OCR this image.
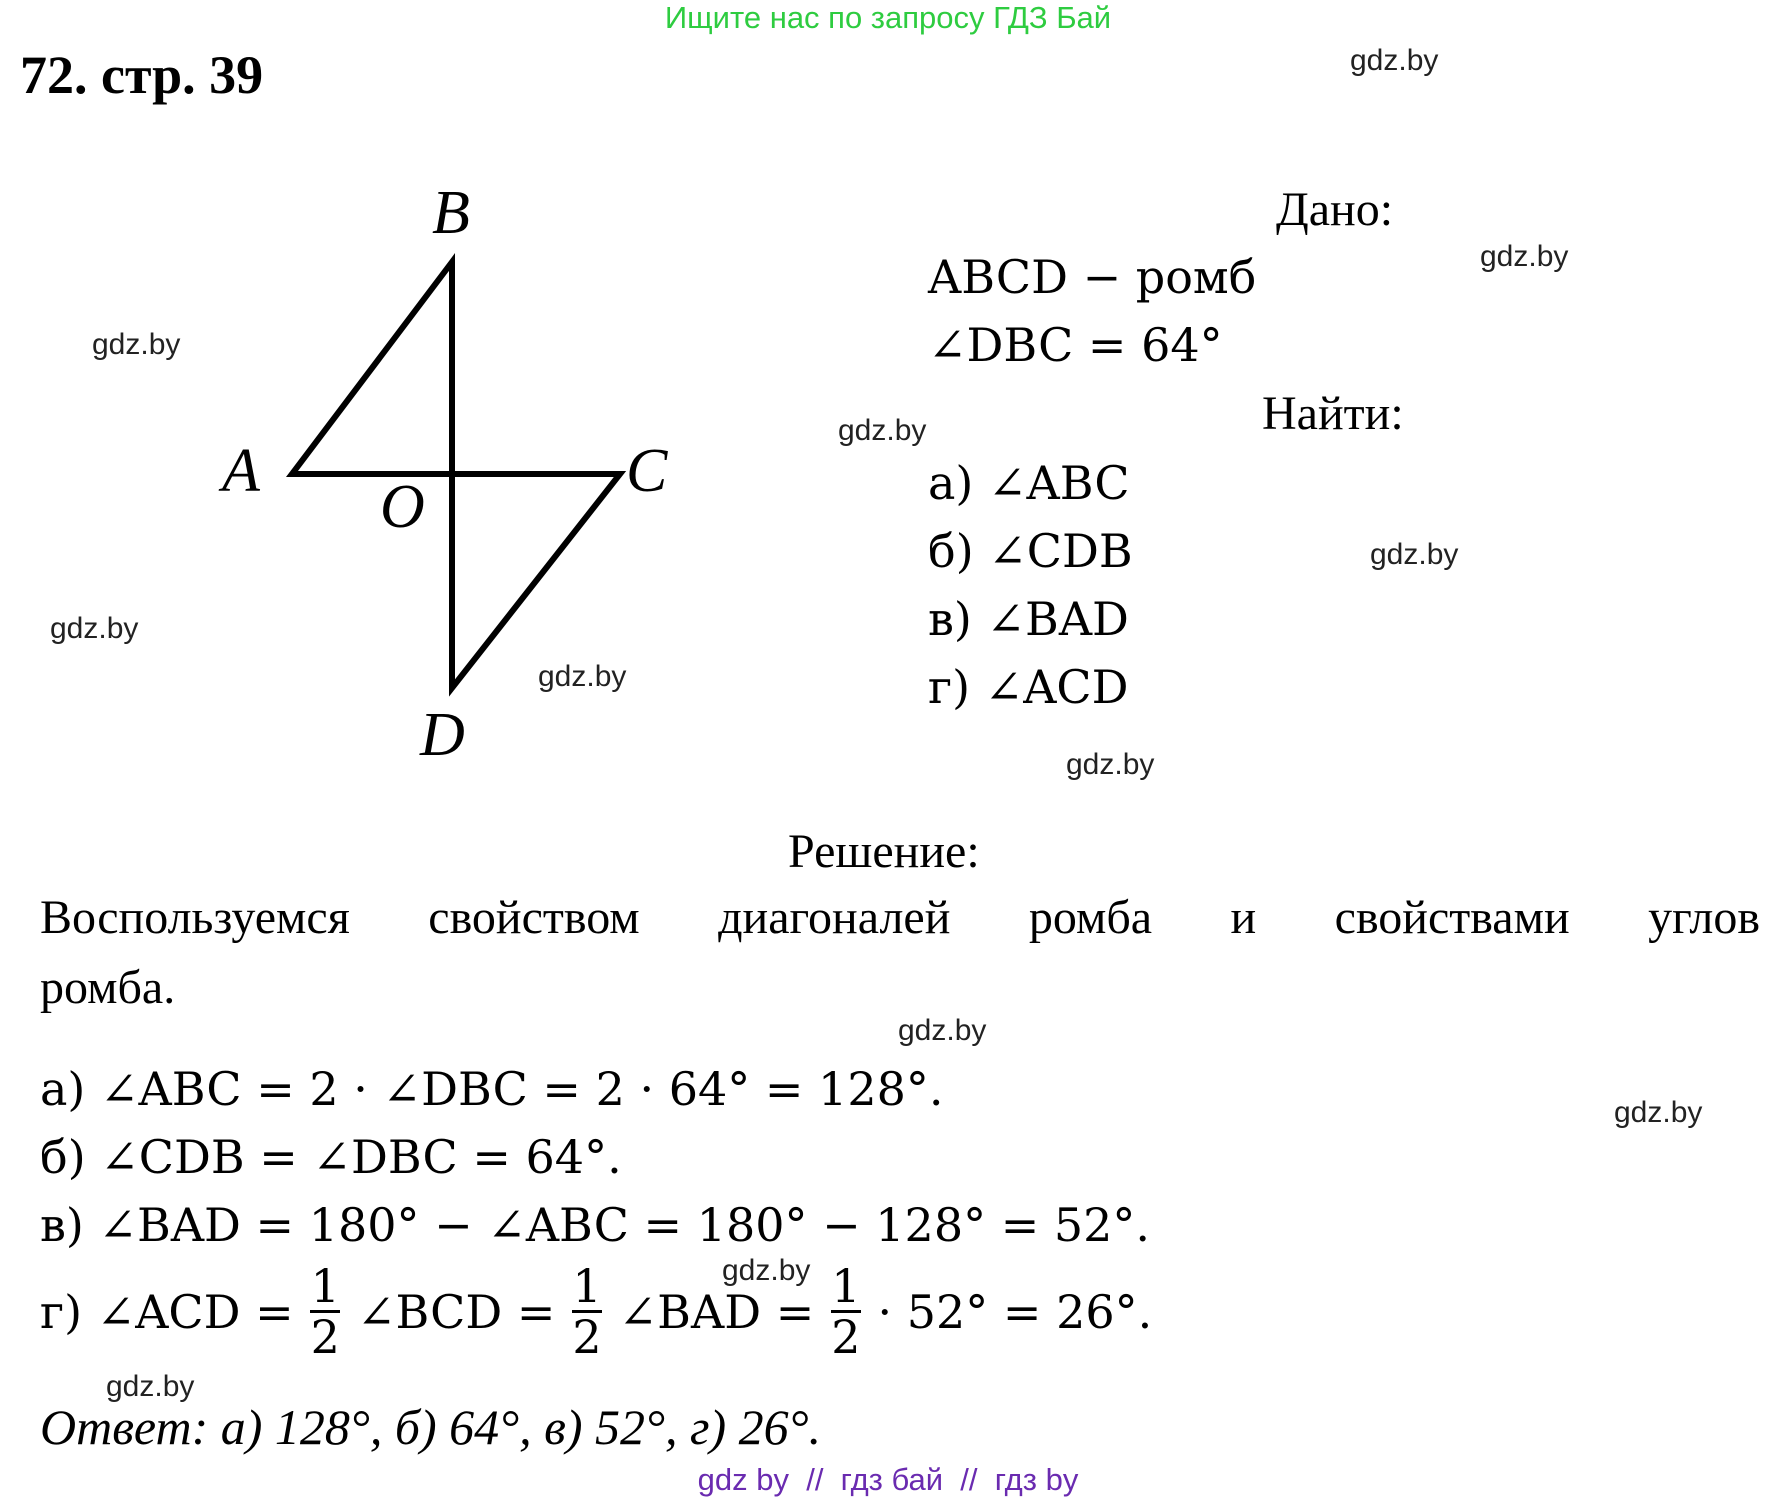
Ищите нас по запросу ГДЗ Бай
72. стр. 39
B
A	C
O
D
Дано:
ABCD − ромб
∠DBC = 64°
Найти:
а) ∠ABC
б) ∠CDB
в) ∠BAD
г) ∠ACD
Решение:
Воспользуемся свойством диагоналей ромба и свойствами углов
ромба.
а) ∠ABC = 2 · ∠DBC = 2 · 64° = 128°.
б) ∠CDB = ∠DBC = 64°.
в) ∠BAD = 180° − ∠ABC = 180° − 128° = 52°.
г) ∠ACD = $\frac{1}{2}$ ∠BCD = $\frac{1}{2}$ ∠BAD = $\frac{1}{2} \cdot 52^\circ = 26^\circ$.
Ответ: а) 128°, б) 64°, в) 52°, г) 26°.
gdz.by
gdz.by
gdz.by
gdz.by
gdz.by
gdz.by
gdz.by
gdz.by
gdz.by
gdz.by
gdz.by
gdz.by
gdz by  //  гдз бай  //  гдз by
